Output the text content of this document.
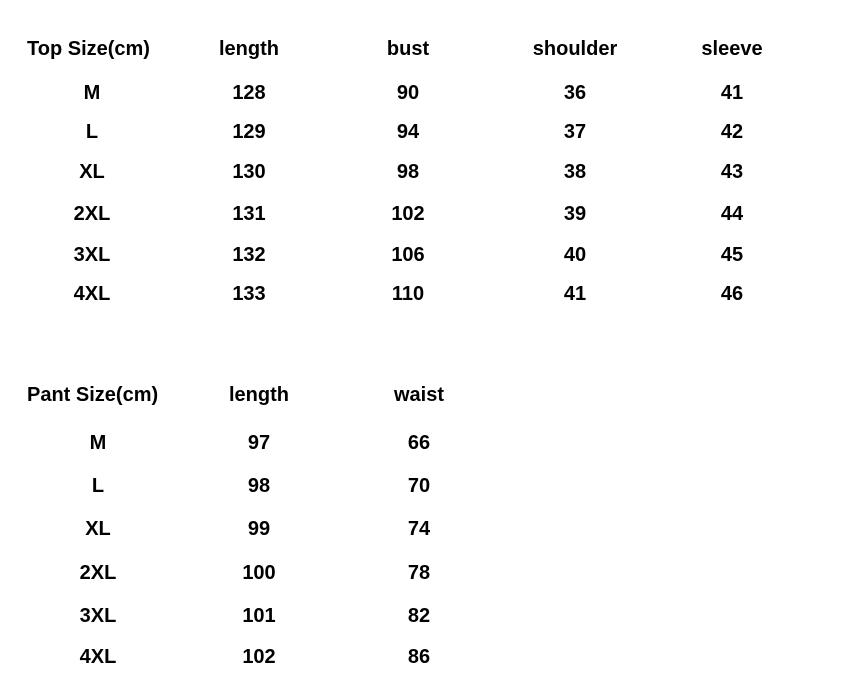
Top Size(cm)	length	bust	shoulder	sleeve
M	128	90	36	41
L	129	94	37	42
XL	130	98	38	43
2XL	131	102	39	44
3XL	132	106	40	45
4XL	133	110	41	46
Pant Size(cm)	length	waist
M	97	66
L	98	70
XL	99	74
2XL	100	78
3XL	101	82
4XL	102	86
